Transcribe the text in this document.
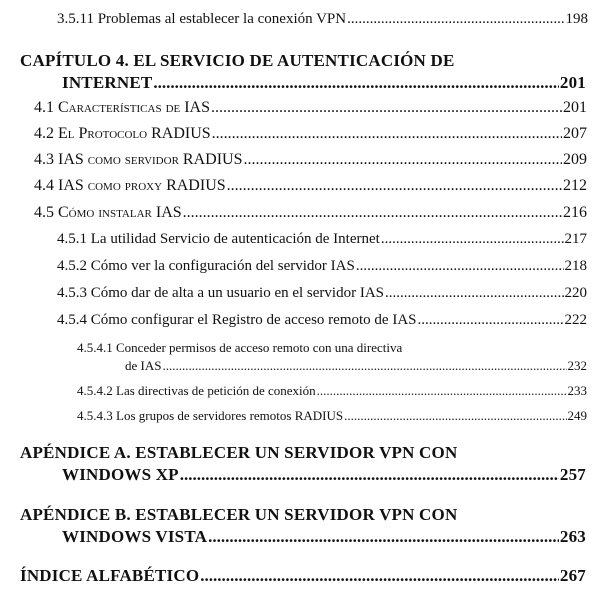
3.5.11 Problemas al establecer la conexión VPN .....	198
CAPÍTULO 4. EL SERVICIO DE AUTENTICACIÓN DE
INTERNET .....	201
4.1 Características de IAS .....	201
4.2 El Protocolo RADIUS .....	207
4.3 IAS como servidor RADIUS .....	209
4.4 IAS como proxy RADIUS .....	212
4.5 Cómo instalar IAS .....	216
4.5.1 La utilidad Servicio de autenticación de Internet .....	217
4.5.2 Cómo ver la configuración del servidor IAS .....	218
4.5.3 Cómo dar de alta a un usuario en el servidor IAS .....	220
4.5.4 Cómo configurar el Registro de acceso remoto de IAS .....	222
4.5.4.1 Conceder permisos de acceso remoto con una directiva
de IAS .....	232
4.5.4.2 Las directivas de petición de conexión .....	233
4.5.4.3 Los grupos de servidores remotos RADIUS .....	249
APÉNDICE A. ESTABLECER UN SERVIDOR VPN CON
WINDOWS XP .....	257
APÉNDICE B. ESTABLECER UN SERVIDOR VPN CON
WINDOWS VISTA .....	263
ÍNDICE ALFABÉTICO .....	267
